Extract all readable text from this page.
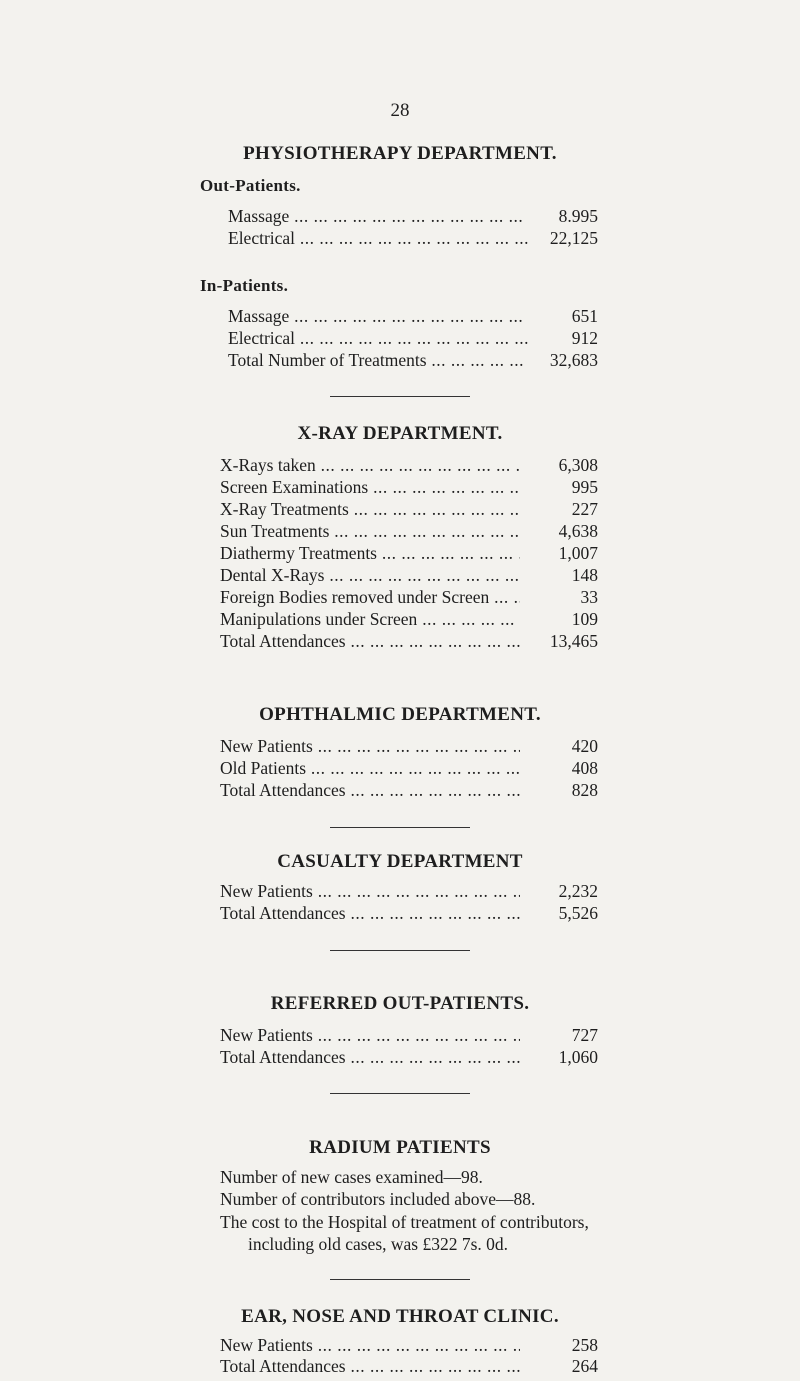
28
PHYSIOTHERAPY DEPARTMENT.
Out-Patients.
Massage ... .	8.995
Electrical ... .	22,125
In-Patients.
Massage ... .	651
Electrical ... .	912
Total Number of Treatments ... .	32,683
X-RAY DEPARTMENT.
X-Rays taken ... .	6,308
Screen Examinations ... .	995
X-Ray Treatments ... .	227
Sun Treatments ... .	4,638
Diathermy Treatments ... .	1,007
Dental X-Rays ... .	148
Foreign Bodies removed under Screen ... .	33
Manipulations under Screen ... .	109
Total Attendances ... .	13,465
OPHTHALMIC DEPARTMENT.
New Patients ... .	420
Old Patients ... .	408
Total Attendances ... .	828
CASUALTY DEPARTMENT
New Patients ... .	2,232
Total Attendances ... .	5,526
REFERRED OUT-PATIENTS.
New Patients ... .	727
Total Attendances ... .	1,060
RADIUM PATIENTS
Number of new cases examined—98.
Number of contributors included above—88.
The cost to the Hospital of treatment of contributors,
including old cases, was £322 7s. 0d.
EAR, NOSE AND THROAT CLINIC.
New Patients ... .	258
Total Attendances ... .	264
